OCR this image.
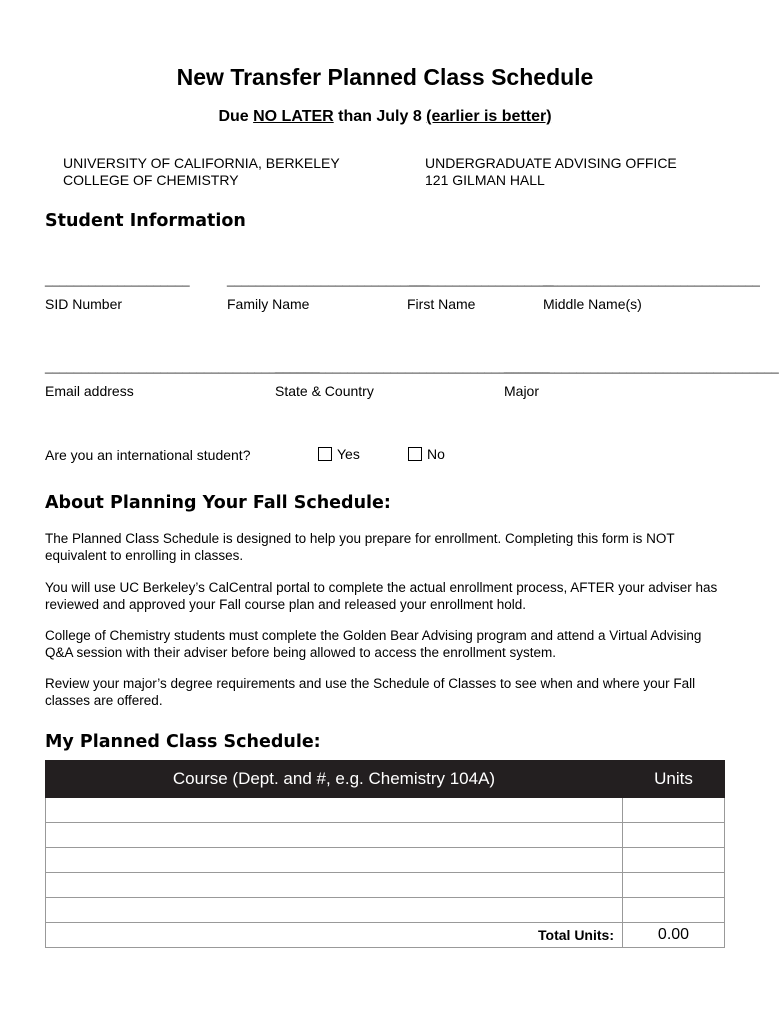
New Transfer Planned Class Schedule
Due NO LATER than July 8 (earlier is better)
UNIVERSITY OF CALIFORNIA, BERKELEY
COLLEGE OF CHEMISTRY
UNDERGRADUATE ADVISING OFFICE
121 GILMAN HALL
Student Information
____________________
SID Number
____________________________
Family Name
____________________
First Name
______________________________
Middle Name(s)
______________________________________
Email address
______________________________________
State & Country
______________________________________
Major
Are you an international student?	Yes	No
About Planning Your Fall Schedule:
The Planned Class Schedule is designed to help you prepare for enrollment. Completing this form is NOT equivalent to enrolling in classes.
You will use UC Berkeley’s CalCentral portal to complete the actual enrollment process, AFTER your adviser has reviewed and approved your Fall course plan and released your enrollment hold.
College of Chemistry students must complete the Golden Bear Advising program and attend a Virtual Advising Q&A session with their adviser before being allowed to access the enrollment system.
Review your major’s degree requirements and use the Schedule of Classes to see when and where your Fall classes are offered.
My Planned Class Schedule:
Course (Dept. and #, e.g. Chemistry 104A)	Units

Total Units:	0.00
